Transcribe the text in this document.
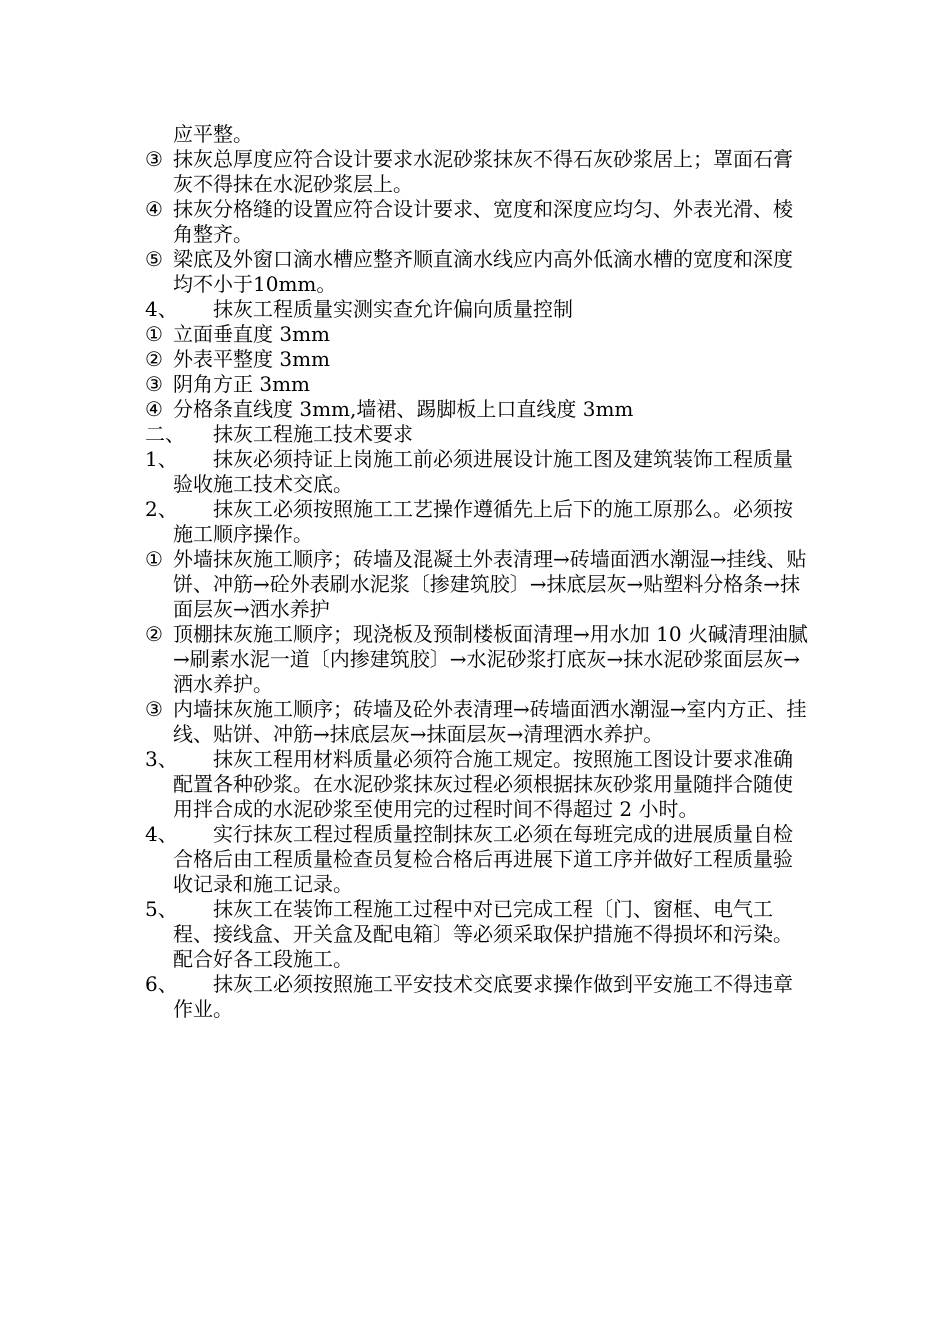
应平整。

③ 抹灰总厚度应符合设计要求水泥砂浆抹灰不得石灰砂浆居上；罩面石膏灰不得抹在水泥砂浆层上。

④ 抹灰分格缝的设置应符合设计要求、宽度和深度应均匀、外表光滑、棱角整齐。

⑤ 梁底及外窗口滴水槽应整齐顺直滴水线应内高外低滴水槽的宽度和深度均不小于10mm。

4、	抹灰工程质量实测实查允许偏向质量控制

① 立面垂直度 3mm

② 外表平整度 3mm

③ 阴角方正 3mm

④ 分格条直线度 3mm,墙裙、踢脚板上口直线度 3mm

二、	抹灰工程施工技术要求

1、	抹灰必须持证上岗施工前必须进展设计施工图及建筑装饰工程质量验收施工技术交底。

2、	抹灰工必须按照施工工艺操作遵循先上后下的施工原那么。必须按施工顺序操作。

① 外墙抹灰施工顺序；砖墙及混凝土外表清理→砖墙面洒水潮湿→挂线、贴饼、冲筋→砼外表刷水泥浆〔掺建筑胶〕→抹底层灰→贴塑料分格条→抹面层灰→洒水养护

② 顶棚抹灰施工顺序；现浇板及预制楼板面清理→用水加 10 火碱清理油腻→刷素水泥一道〔内掺建筑胶〕→水泥砂浆打底灰→抹水泥砂浆面层灰→洒水养护。

③ 内墙抹灰施工顺序；砖墙及砼外表清理→砖墙面洒水潮湿→室内方正、挂线、贴饼、冲筋→抹底层灰→抹面层灰→清理洒水养护。

3、	抹灰工程用材料质量必须符合施工规定。按照施工图设计要求准确配置各种砂浆。在水泥砂浆抹灰过程必须根据抹灰砂浆用量随拌合随使用拌合成的水泥砂浆至使用完的过程时间不得超过 2 小时。

4、	实行抹灰工程过程质量控制抹灰工必须在每班完成的进展质量自检合格后由工程质量检查员复检合格后再进展下道工序并做好工程质量验收记录和施工记录。

5、	抹灰工在装饰工程施工过程中对已完成工程〔门、窗框、电气工程、接线盒、开关盒及配电箱〕等必须采取保护措施不得损坏和污染。配合好各工段施工。

6、	抹灰工必须按照施工平安技术交底要求操作做到平安施工不得违章作业。
